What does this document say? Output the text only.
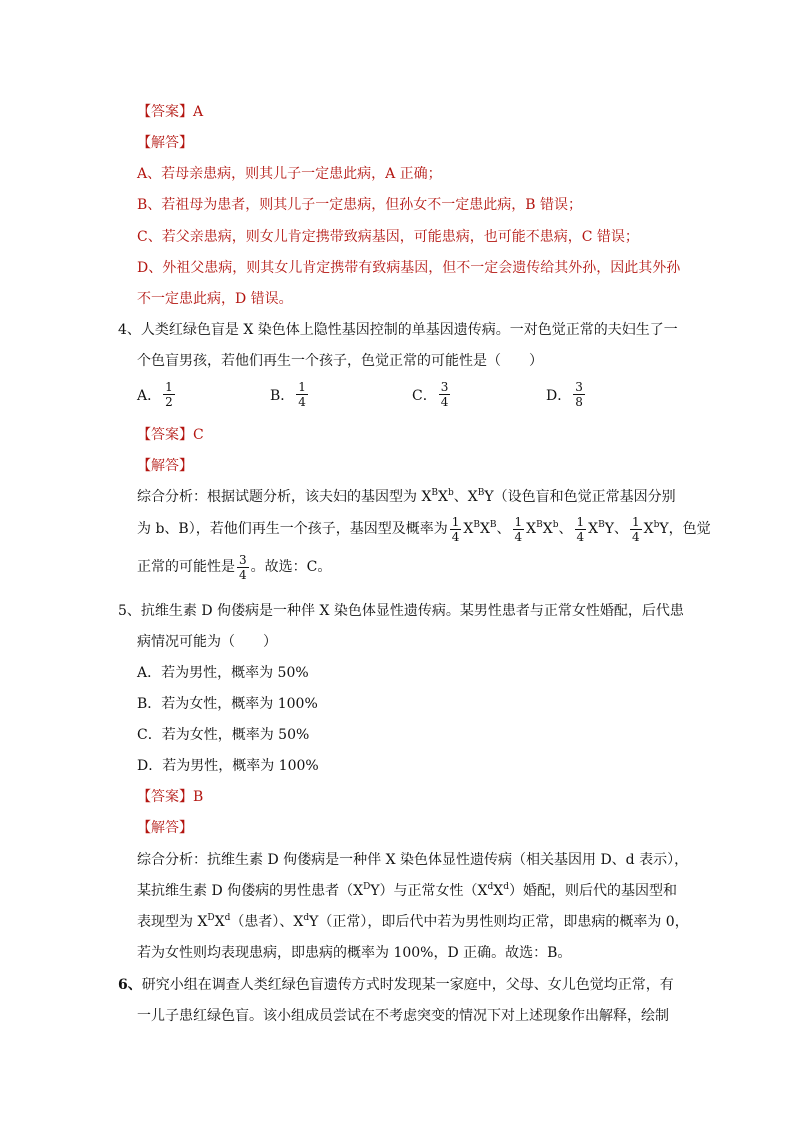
【答案】A
【解答】
A、若母亲患病，则其儿子一定患此病，A 正确；
B、若祖母为患者，则其儿子一定患病，但孙女不一定患此病，B 错误；
C、若父亲患病，则女儿肯定携带致病基因，可能患病，也可能不患病，C 错误；
D、外祖父患病，则其女儿肯定携带有致病基因，但不一定会遗传给其外孙，因此其外孙
不一定患此病，D 错误。
4、人类红绿色盲是 X 染色体上隐性基因控制的单基因遗传病。一对色觉正常的夫妇生了一
个色盲男孩，若他们再生一个孩子，色觉正常的可能性是（　　）
A． $\frac{1}{2}$	B． $\frac{1}{4}$	C． $\frac{3}{4}$	D． $\frac{3}{8}$
【答案】C
【解答】
综合分析：根据试题分析，该夫妇的基因型为 $X^BX^b$、$X^BY$（设色盲和色觉正常基因分别
为 b、B），若他们再生一个孩子，基因型及概率为 $\frac{1}{4} X^BX^B$、 $\frac{1}{4} X^BX^b$、 $\frac{1}{4} X^BY$、 $\frac{1}{4} X^bY$ ，色觉
正常的可能性是 $\frac{3}{4}$ 。故选：C。
5、抗维生素 D 佝偻病是一种伴 X 染色体显性遗传病。某男性患者与正常女性婚配，后代患
病情况可能为（　　）
A．若为男性，概率为 50%
B．若为女性，概率为 100%
C．若为女性，概率为 50%
D．若为男性，概率为 100%
【答案】B
【解答】
综合分析：抗维生素 D 佝偻病是一种伴 X 染色体显性遗传病（相关基因用 D、d 表示），
某抗维生素 D 佝偻病的男性患者$(X^DY)$与正常女性$(X^dX^d)$婚配，则后代的基因型和
表现型为 $X^DX^d$（患者）、$X^dY$（正常），即后代中若为男性则均正常，即患病的概率为 0，
若为女性则均表现患病，即患病的概率为 100%，D 正确。故选：B。
6、研究小组在调查人类红绿色盲遗传方式时发现某一家庭中，父母、女儿色觉均正常，有
一儿子患红绿色盲。该小组成员尝试在不考虑突变的情况下对上述现象作出解释，绘制
